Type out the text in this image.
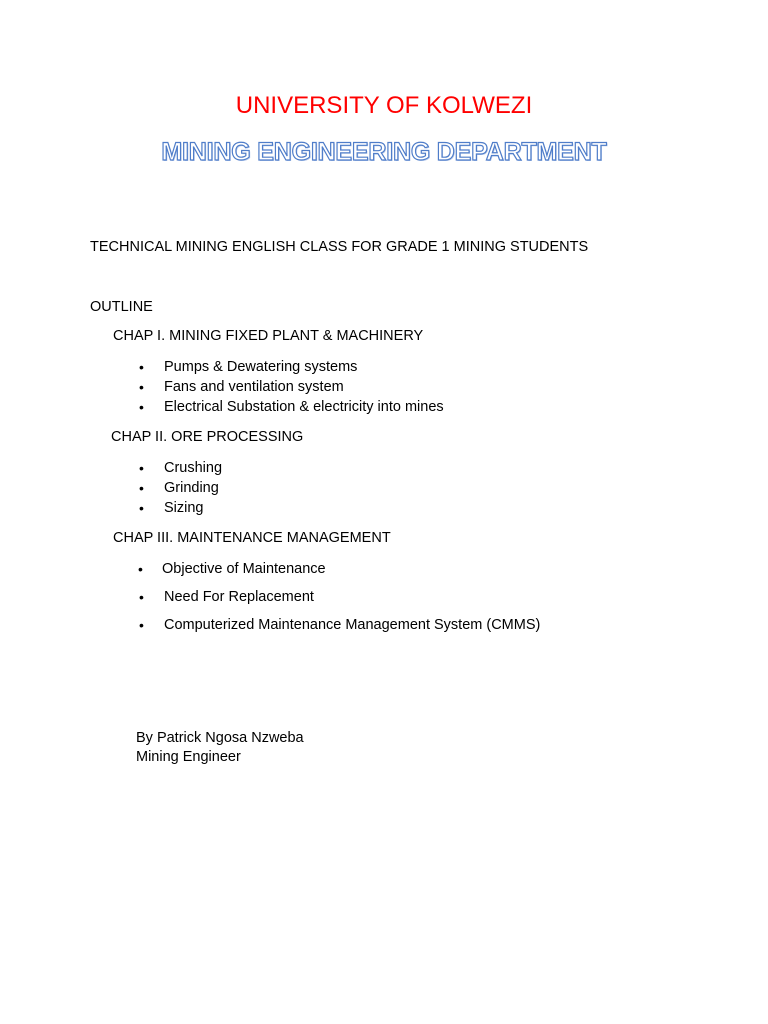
UNIVERSITY OF KOLWEZI
MINING ENGINEERING DEPARTMENT
TECHNICAL MINING ENGLISH CLASS FOR GRADE 1 MINING STUDENTS
OUTLINE
CHAP I. MINING FIXED PLANT & MACHINERY
• Pumps & Dewatering systems
• Fans and ventilation system
• Electrical Substation & electricity into mines
CHAP II. ORE PROCESSING
• Crushing
• Grinding
• Sizing
CHAP III. MAINTENANCE MANAGEMENT
• Objective of Maintenance
• Need For Replacement
• Computerized Maintenance Management System (CMMS)
By Patrick Ngosa Nzweba
Mining Engineer
